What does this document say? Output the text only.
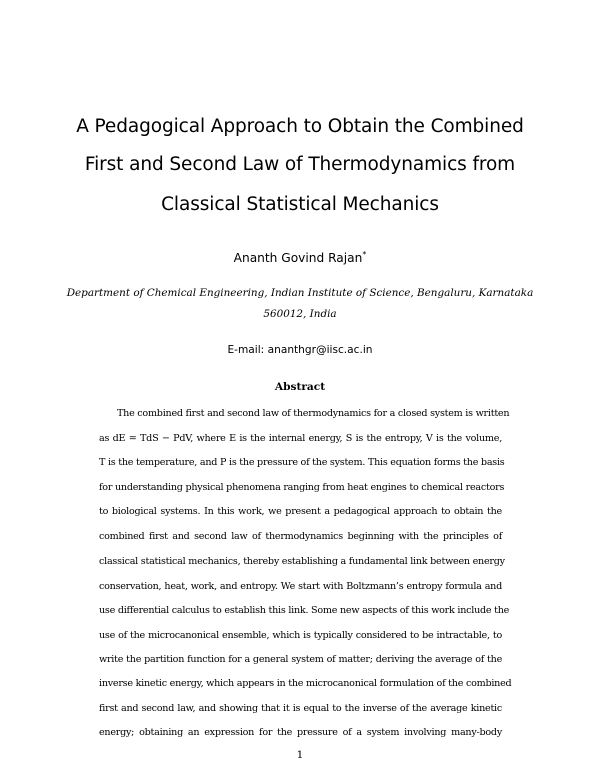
A Pedagogical Approach to Obtain the Combined
First and Second Law of Thermodynamics from
Classical Statistical Mechanics
Ananth Govind Rajan*
Department of Chemical Engineering, Indian Institute of Science, Bengaluru, Karnataka
560012, India
E-mail: ananthgr@iisc.ac.in
Abstract
The combined first and second law of thermodynamics for a closed system is written
as dE = TdS − PdV, where E is the internal energy, S is the entropy, V is the volume,
T is the temperature, and P is the pressure of the system. This equation forms the basis
for understanding physical phenomena ranging from heat engines to chemical reactors
to biological systems. In this work, we present a pedagogical approach to obtain the
combined first and second law of thermodynamics beginning with the principles of
classical statistical mechanics, thereby establishing a fundamental link between energy
conservation, heat, work, and entropy. We start with Boltzmann’s entropy formula and
use differential calculus to establish this link. Some new aspects of this work include the
use of the microcanonical ensemble, which is typically considered to be intractable, to
write the partition function for a general system of matter; deriving the average of the
inverse kinetic energy, which appears in the microcanonical formulation of the combined
first and second law, and showing that it is equal to the inverse of the average kinetic
energy; obtaining an expression for the pressure of a system involving many-body
1
